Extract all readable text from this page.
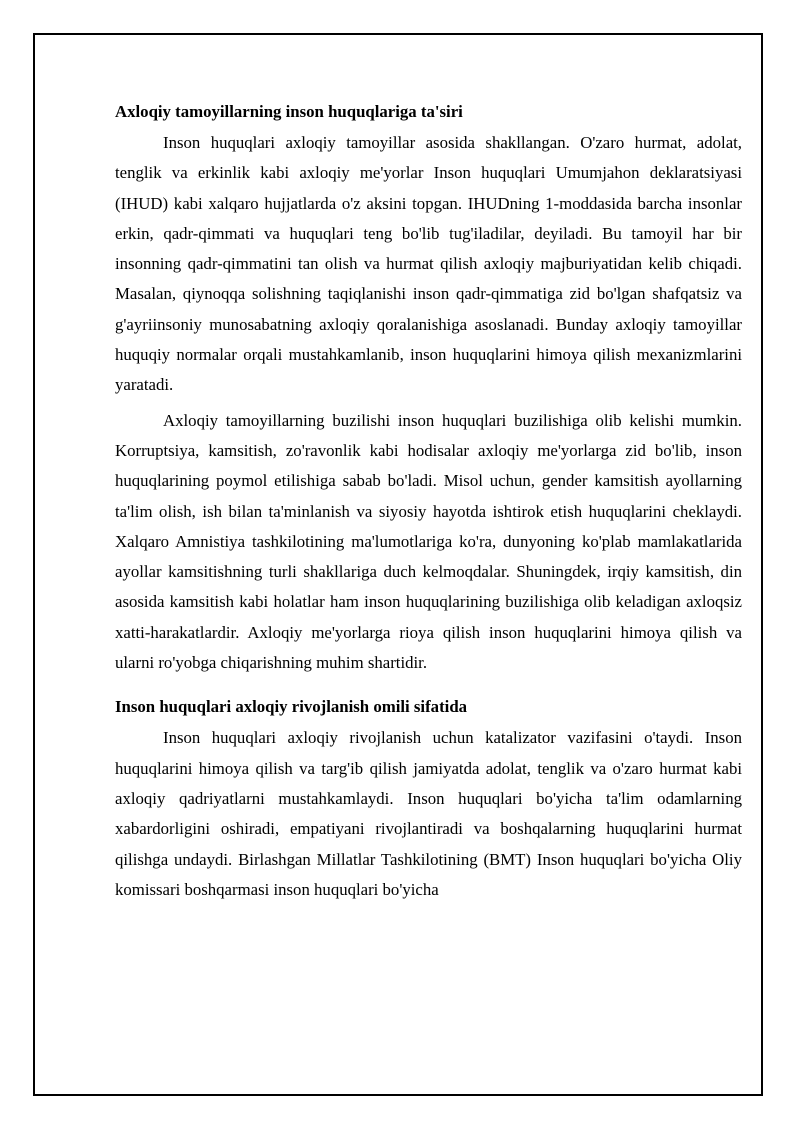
Axloqiy tamoyillarning inson huquqlariga ta'siri

Inson huquqlari axloqiy tamoyillar asosida shakllangan. O'zaro hurmat, adolat, tenglik va erkinlik kabi axloqiy me'yorlar Inson huquqlari Umumjahon deklaratsiyasi (IHUD) kabi xalqaro hujjatlarda o'z aksini topgan. IHUDning 1-moddasida barcha insonlar erkin, qadr-qimmati va huquqlari teng bo'lib tug'iladilar, deyiladi. Bu tamoyil har bir insonning qadr-qimmatini tan olish va hurmat qilish axloqiy majburiyatidan kelib chiqadi. Masalan, qiynoqqa solishning taqiqlanishi inson qadr-qimmatiga zid bo'lgan shafqatsiz va g'ayriinsoniy munosabatning axloqiy qoralanishiga asoslanadi. Bunday axloqiy tamoyillar huquqiy normalar orqali mustahkamlanib, inson huquqlarini himoya qilish mexanizmlarini yaratadi.

Axloqiy tamoyillarning buzilishi inson huquqlari buzilishiga olib kelishi mumkin. Korruptsiya, kamsitish, zo'ravonlik kabi hodisalar axloqiy me'yorlarga zid bo'lib, inson huquqlarining poymol etilishiga sabab bo'ladi. Misol uchun, gender kamsitish ayollarning ta'lim olish, ish bilan ta'minlanish va siyosiy hayotda ishtirok etish huquqlarini cheklaydi. Xalqaro Amnistiya tashkilotining ma'lumotlariga ko'ra, dunyoning ko'plab mamlakatlarida ayollar kamsitishning turli shakllariga duch kelmoqdalar. Shuningdek, irqiy kamsitish, din asosida kamsitish kabi holatlar ham inson huquqlarining buzilishiga olib keladigan axloqsiz xatti-harakatlardir. Axloqiy me'yorlarga rioya qilish inson huquqlarini himoya qilish va ularni ro'yobga chiqarishning muhim shartidir.

Inson huquqlari axloqiy rivojlanish omili sifatida

Inson huquqlari axloqiy rivojlanish uchun katalizator vazifasini o'taydi. Inson huquqlarini himoya qilish va targ'ib qilish jamiyatda adolat, tenglik va o'zaro hurmat kabi axloqiy qadriyatlarni mustahkamlaydi. Inson huquqlari bo'yicha ta'lim odamlarning xabardorligini oshiradi, empatiyani rivojlantiradi va boshqalarning huquqlarini hurmat qilishga undaydi. Birlashgan Millatlar Tashkilotining (BMT) Inson huquqlari bo'yicha Oliy komissari boshqarmasi inson huquqlari bo'yicha
